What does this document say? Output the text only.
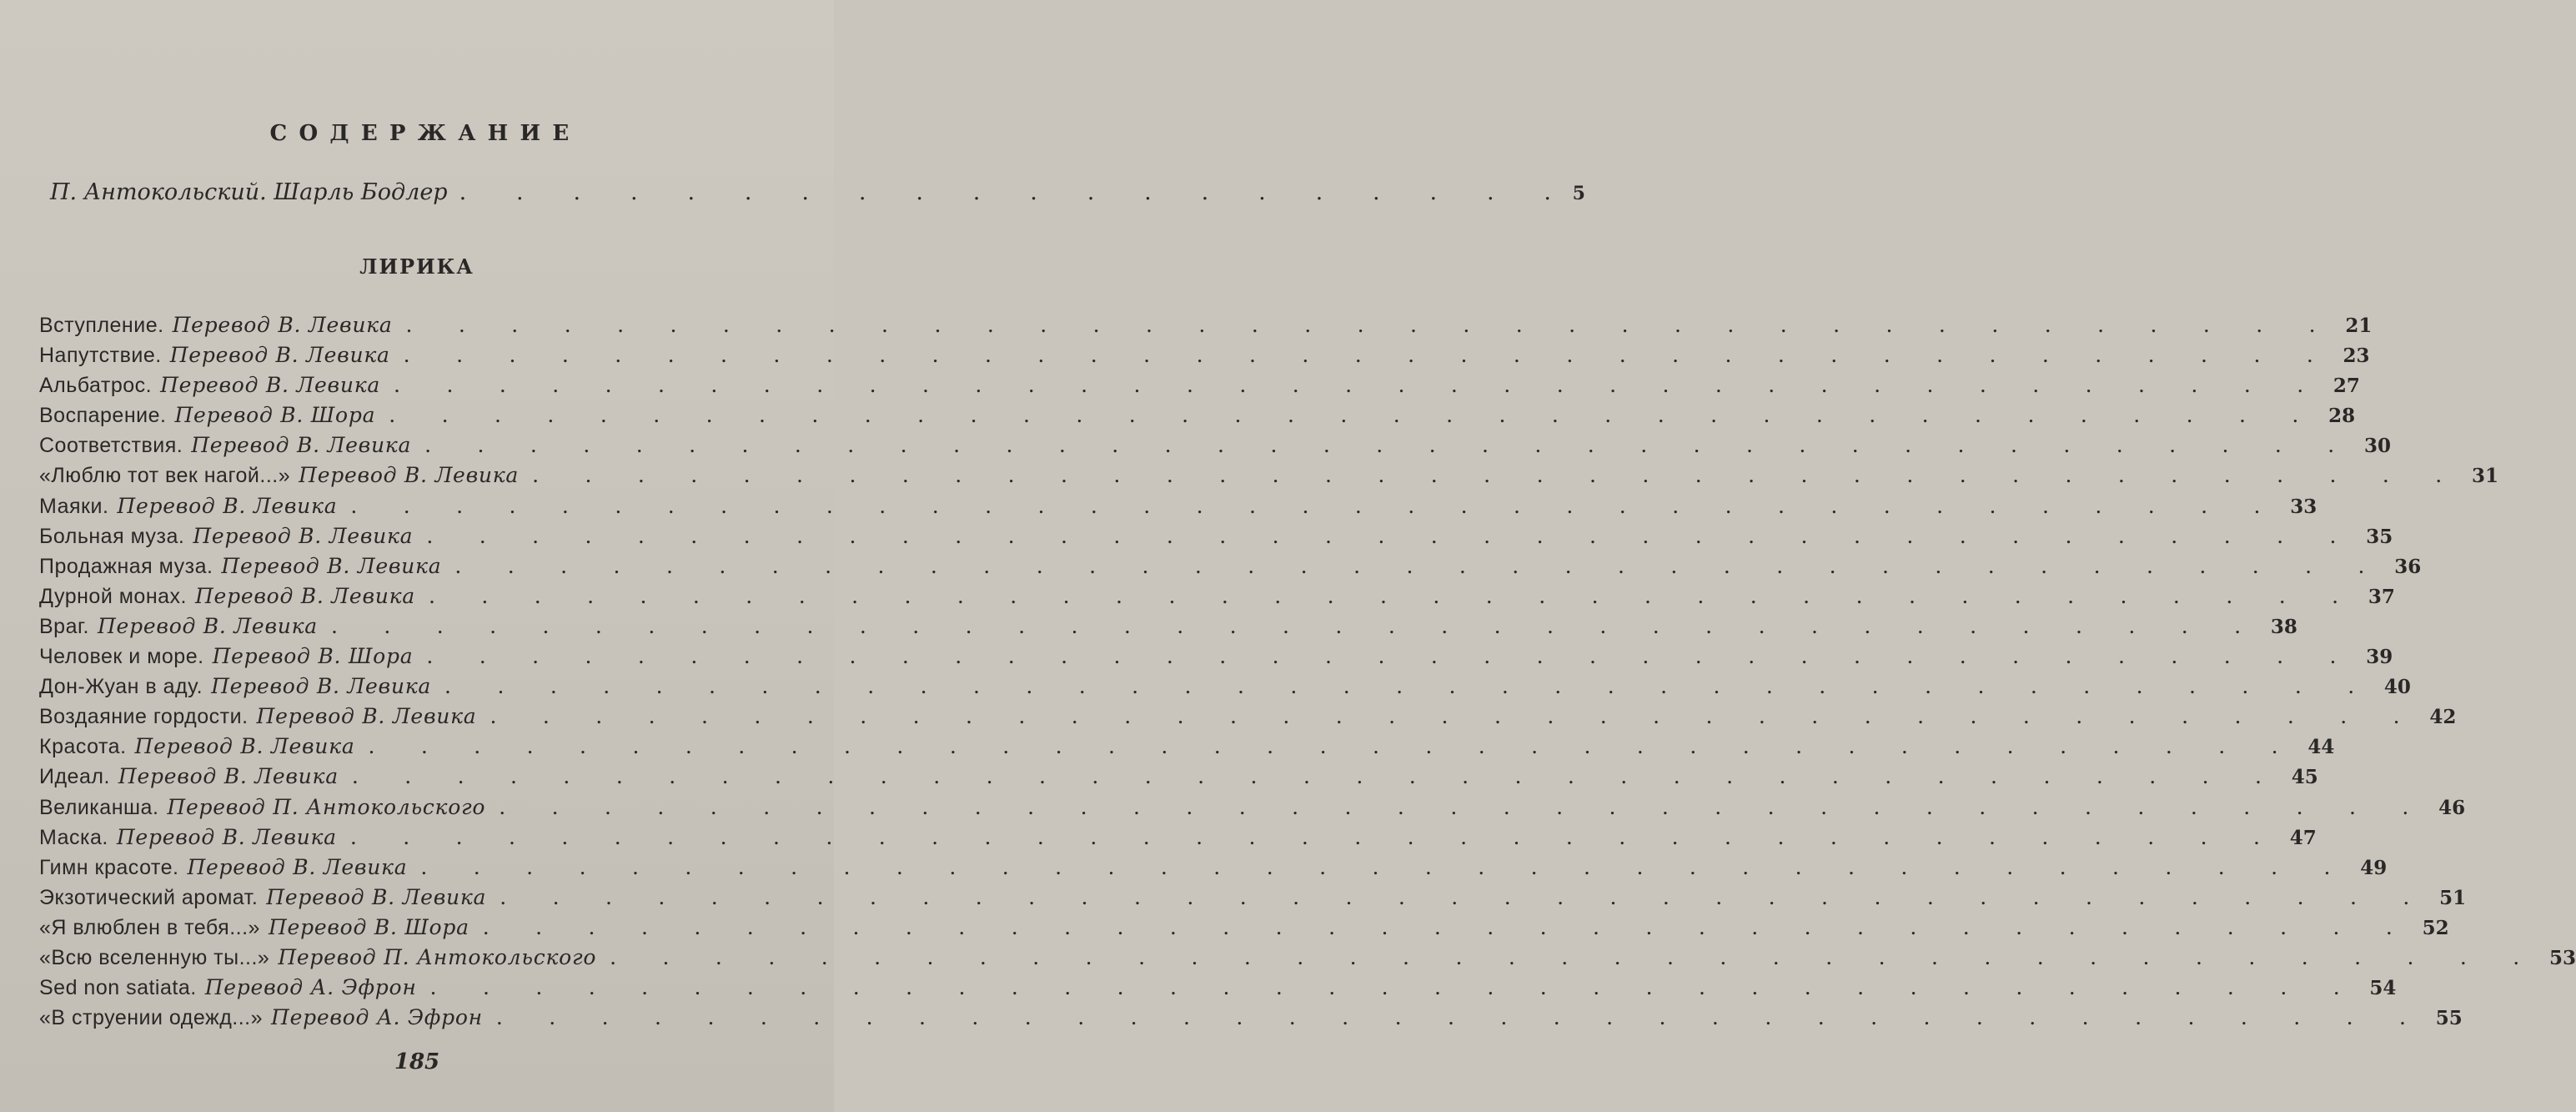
СОДЕРЖАНИЕ
П. Антокольский. Шарль Бодлер . . . . . . . . . . . . . . . . . . . . 5
ЛИРИКА
Вступление. Перевод В. Левика . . . . . . . . . . . . . . . . . . . . . . . . . . . . . . . . . . . . . 21
Напутствие. Перевод В. Левика . . . . . . . . . . . . . . . . . . . . . . . . . . . . . . . . . . . . . 23
Альбатрос. Перевод В. Левика . . . . . . . . . . . . . . . . . . . . . . . . . . . . . . . . . . . . . 27
Воспарение. Перевод В. Шора . . . . . . . . . . . . . . . . . . . . . . . . . . . . . . . . . . . . . 28
Соответствия. Перевод В. Левика . . . . . . . . . . . . . . . . . . . . . . . . . . . . . . . . . . . . . 30
«Люблю тот век нагой...» Перевод В. Левика . . . . . . . . . . . . . . . . . . . . . . . . . . . . . . . . . . . . . 31
Маяки. Перевод В. Левика . . . . . . . . . . . . . . . . . . . . . . . . . . . . . . . . . . . . . 33
Больная муза. Перевод В. Левика . . . . . . . . . . . . . . . . . . . . . . . . . . . . . . . . . . . . . 35
Продажная муза. Перевод В. Левика . . . . . . . . . . . . . . . . . . . . . . . . . . . . . . . . . . . . . 36
Дурной монах. Перевод В. Левика . . . . . . . . . . . . . . . . . . . . . . . . . . . . . . . . . . . . . 37
Враг. Перевод В. Левика . . . . . . . . . . . . . . . . . . . . . . . . . . . . . . . . . . . . . 38
Человек и море. Перевод В. Шора . . . . . . . . . . . . . . . . . . . . . . . . . . . . . . . . . . . . . 39
Дон-Жуан в аду. Перевод В. Левика . . . . . . . . . . . . . . . . . . . . . . . . . . . . . . . . . . . . . 40
Воздаяние гордости. Перевод В. Левика . . . . . . . . . . . . . . . . . . . . . . . . . . . . . . . . . . . . . 42
Красота. Перевод В. Левика . . . . . . . . . . . . . . . . . . . . . . . . . . . . . . . . . . . . . 44
Идеал. Перевод В. Левика . . . . . . . . . . . . . . . . . . . . . . . . . . . . . . . . . . . . . 45
Великанша. Перевод П. Антокольского . . . . . . . . . . . . . . . . . . . . . . . . . . . . . . . . . . . . . 46
Маска. Перевод В. Левика . . . . . . . . . . . . . . . . . . . . . . . . . . . . . . . . . . . . . 47
Гимн красоте. Перевод В. Левика . . . . . . . . . . . . . . . . . . . . . . . . . . . . . . . . . . . . . 49
Экзотический аромат. Перевод В. Левика . . . . . . . . . . . . . . . . . . . . . . . . . . . . . . . . . . . . . 51
«Я влюблен в тебя...» Перевод В. Шора . . . . . . . . . . . . . . . . . . . . . . . . . . . . . . . . . . . . . 52
«Всю вселенную ты...» Перевод П. Антокольского . . . . . . . . . . . . . . . . . . . . . . . . . . . . . . . . . . . . . 53
Sed non satiata. Перевод А. Эфрон . . . . . . . . . . . . . . . . . . . . . . . . . . . . . . . . . . . . . 54
«В струении одежд...» Перевод А. Эфрон . . . . . . . . . . . . . . . . . . . . . . . . . . . . . . . . . . . . . 55
185
